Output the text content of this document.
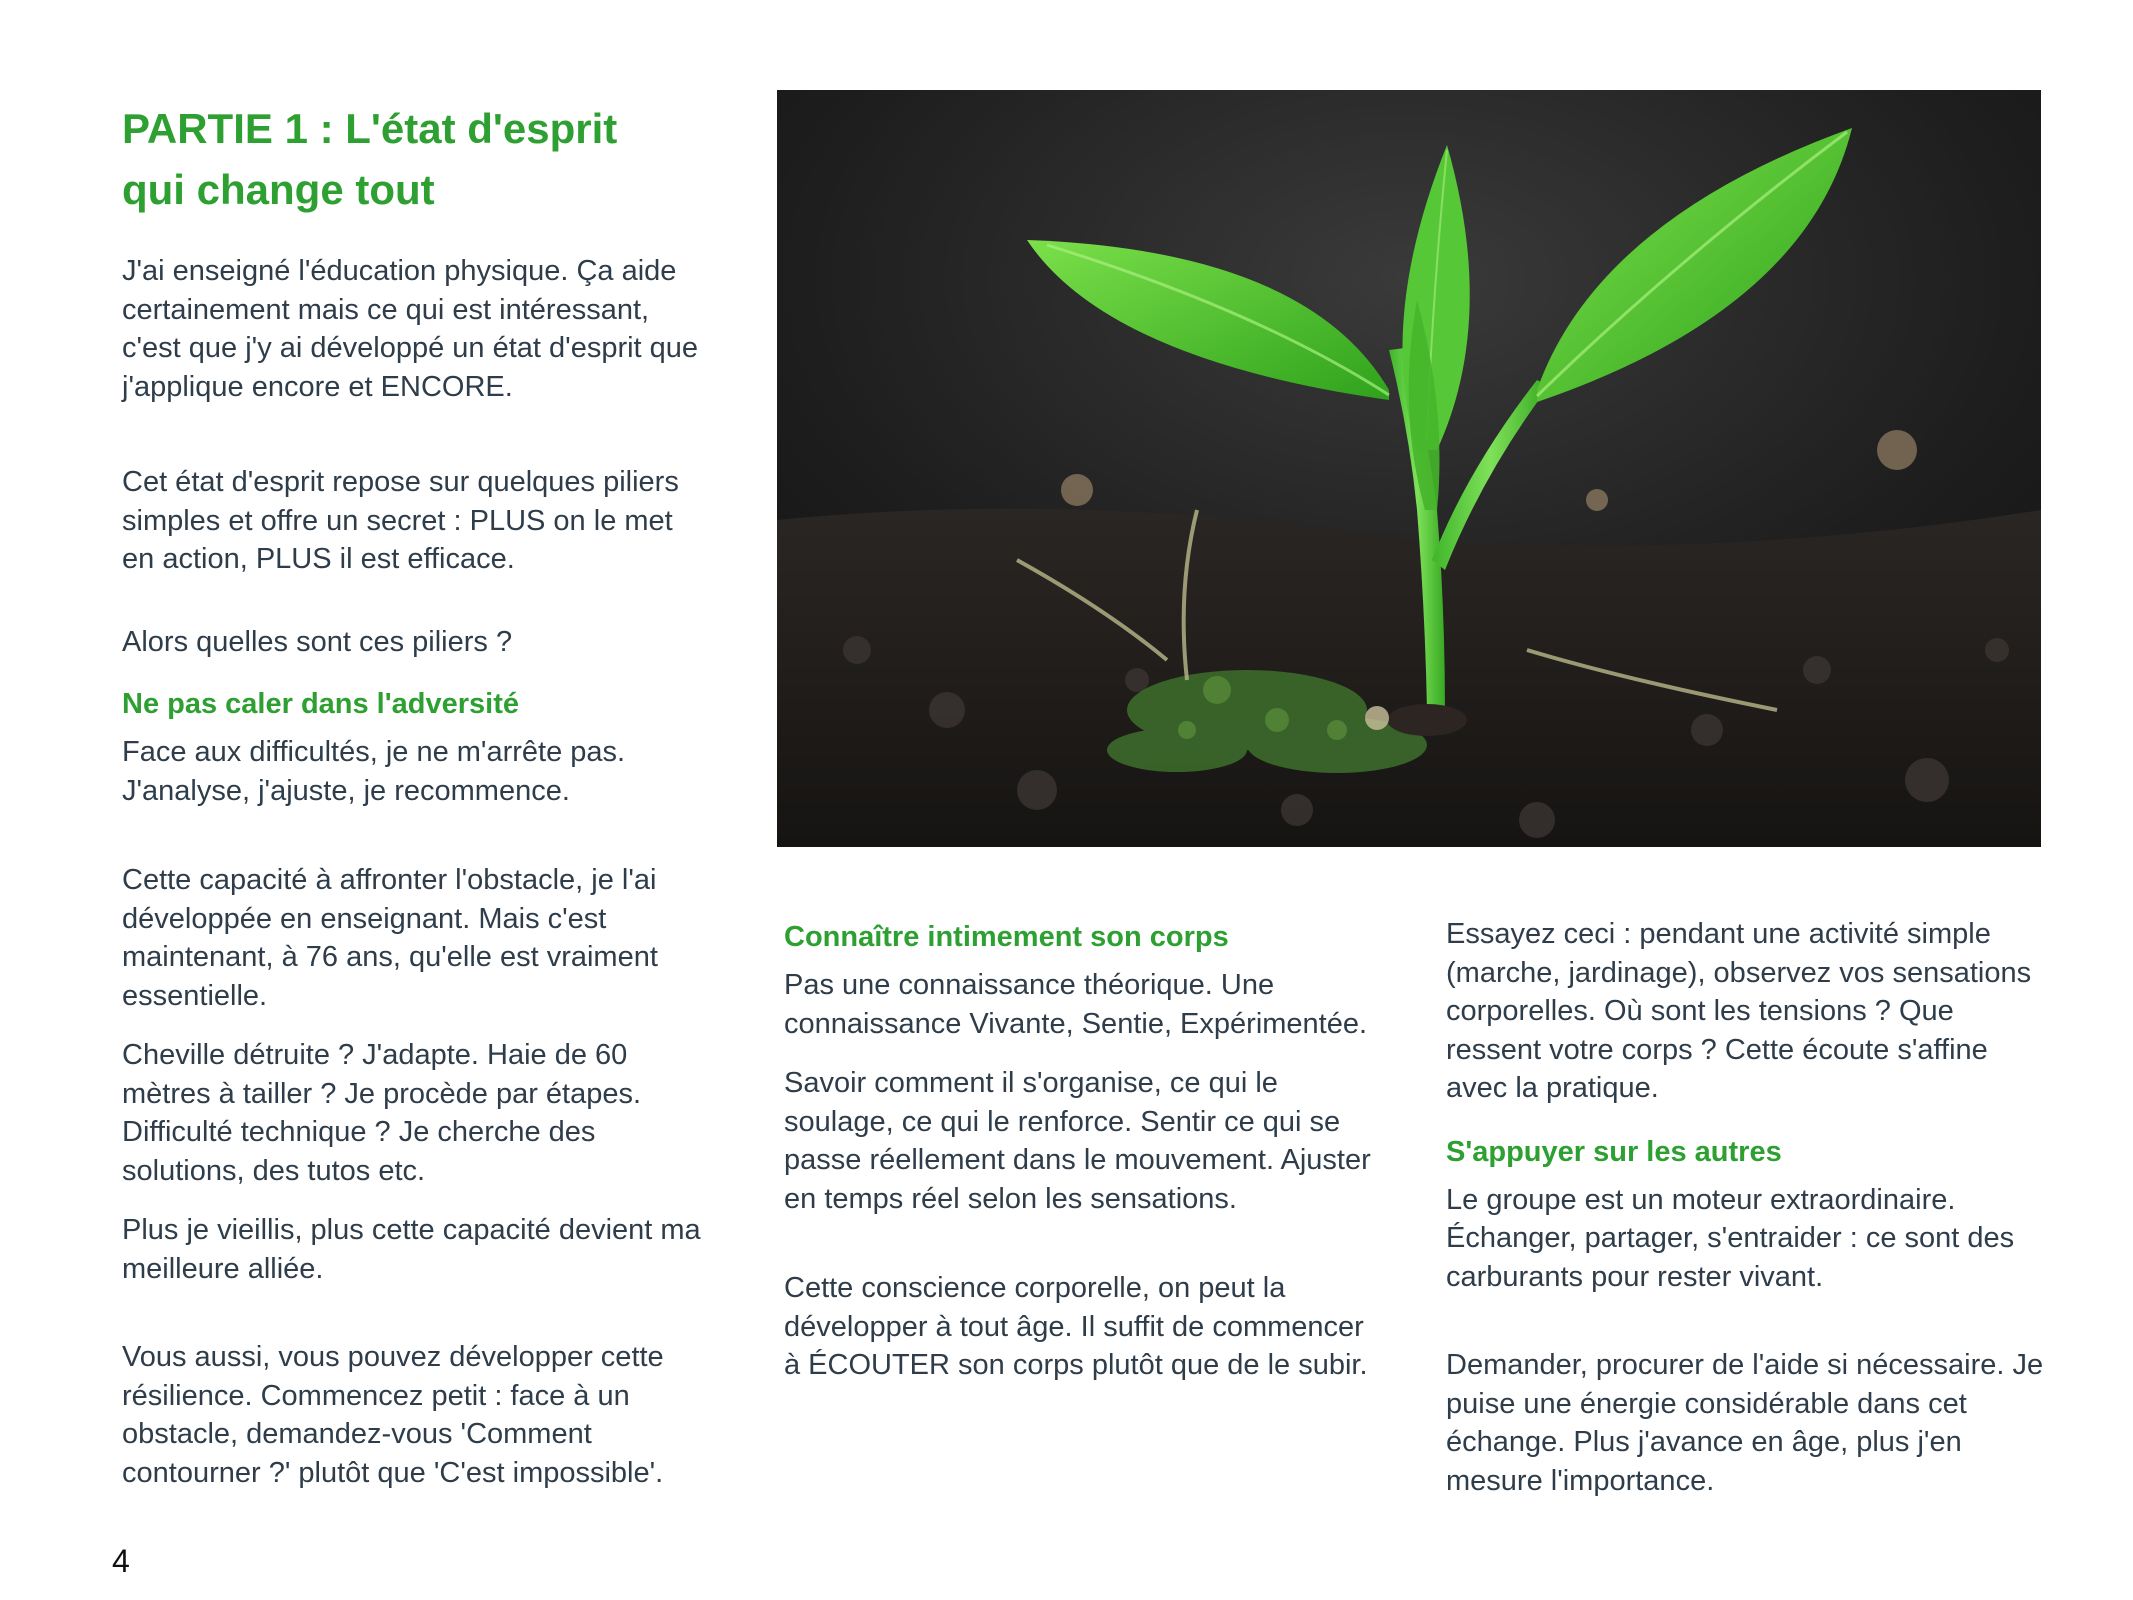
PARTIE 1 : L'état d'esprit
qui change tout

J'ai enseigné l'éducation physique. Ça aide certainement mais ce qui est intéressant, c'est que j'y ai développé un état d'esprit que j'applique encore et ENCORE.

Cet état d'esprit repose sur quelques piliers simples et offre un secret : PLUS on le met en action, PLUS il est efficace.

Alors quelles sont ces piliers ?

Ne pas caler dans l'adversité

Face aux difficultés, je ne m'arrête pas. J'analyse, j'ajuste, je recommence.

Cette capacité à affronter l'obstacle, je l'ai développée en enseignant. Mais c'est maintenant, à 76 ans, qu'elle est vraiment essentielle.

Cheville détruite ? J'adapte. Haie de 60 mètres à tailler ? Je procède par étapes. Difficulté technique ? Je cherche des solutions, des tutos etc.

Plus je vieillis, plus cette capacité devient ma meilleure alliée.

Vous aussi, vous pouvez développer cette résilience. Commencez petit : face à un obstacle, demandez-vous 'Comment contourner ?' plutôt que 'C'est impossible'.

Connaître intimement son corps

Pas une connaissance théorique. Une connaissance Vivante, Sentie, Expérimentée.

Savoir comment il s'organise, ce qui le soulage, ce qui le renforce. Sentir ce qui se passe réellement dans le mouvement. Ajuster en temps réel selon les sensations.

Cette conscience corporelle, on peut la développer à tout âge. Il suffit de commencer à ÉCOUTER son corps plutôt que de le subir.

Essayez ceci : pendant une activité simple (marche, jardinage), observez vos sensations corporelles. Où sont les tensions ? Que ressent votre corps ? Cette écoute s'affine avec la pratique.

S'appuyer sur les autres

Le groupe est un moteur extraordinaire. Échanger, partager, s'entraider : ce sont des carburants pour rester vivant.

Demander, procurer de l'aide si nécessaire. Je puise une énergie considérable dans cet échange. Plus j'avance en âge, plus j'en mesure l'importance.

4
